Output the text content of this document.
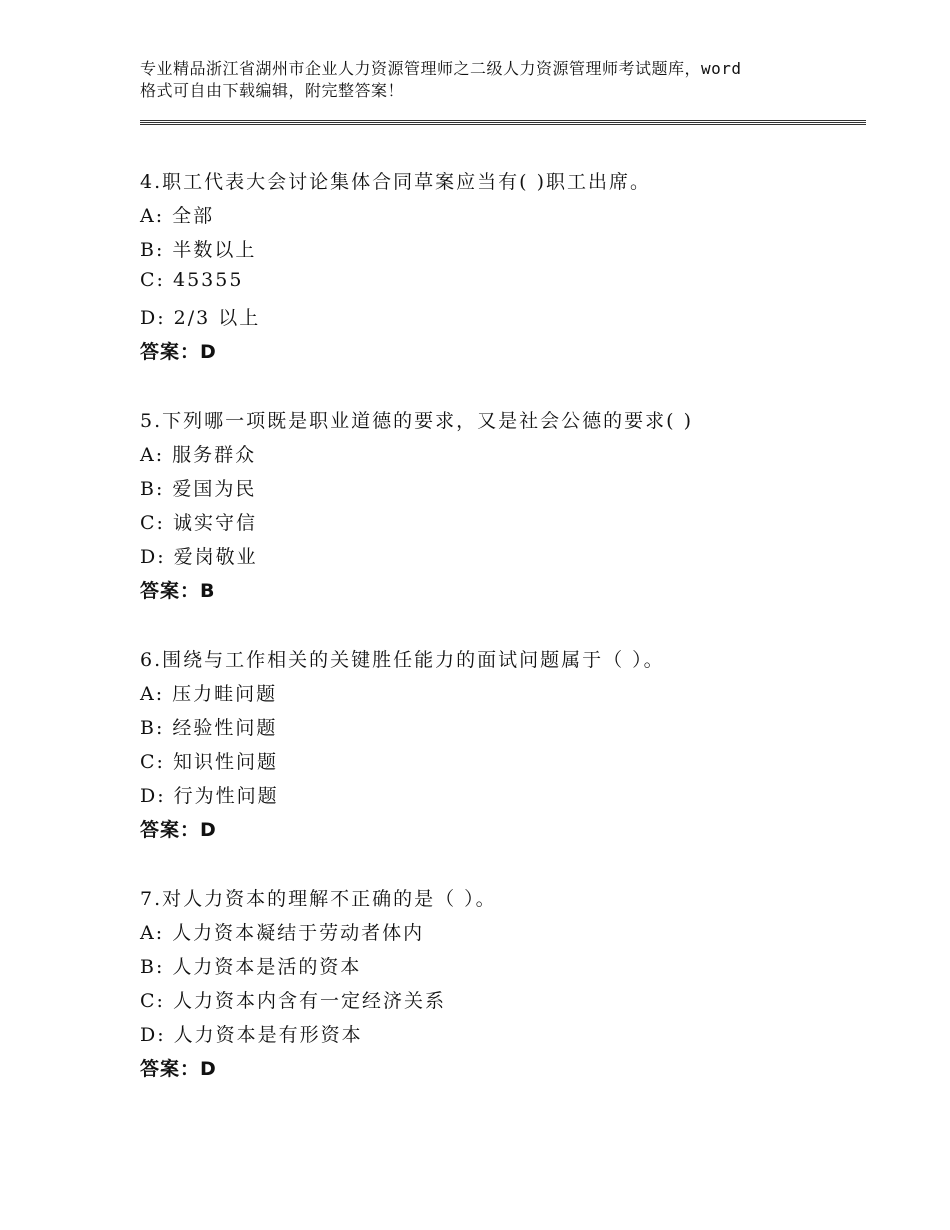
专业精品浙江省湖州市企业人力资源管理师之二级人力资源管理师考试题库，word
格式可自由下载编辑，附完整答案！
4.职工代表大会讨论集体合同草案应当有( )职工出席。
A: 全部
B: 半数以上
C: 45355
D: 2/3 以上
答案：D
5.下列哪一项既是职业道德的要求，又是社会公德的要求( )
A: 服务群众
B: 爱国为民
C: 诚实守信
D: 爱岗敬业
答案：B
6.围绕与工作相关的关键胜任能力的面试问题属于（ ）。
A: 压力畦问题
B: 经验性问题
C: 知识性问题
D: 行为性问题
答案：D
7.对人力资本的理解不正确的是（ ）。
A: 人力资本凝结于劳动者体内
B: 人力资本是活的资本
C: 人力资本内含有一定经济关系
D: 人力资本是有形资本
答案：D
